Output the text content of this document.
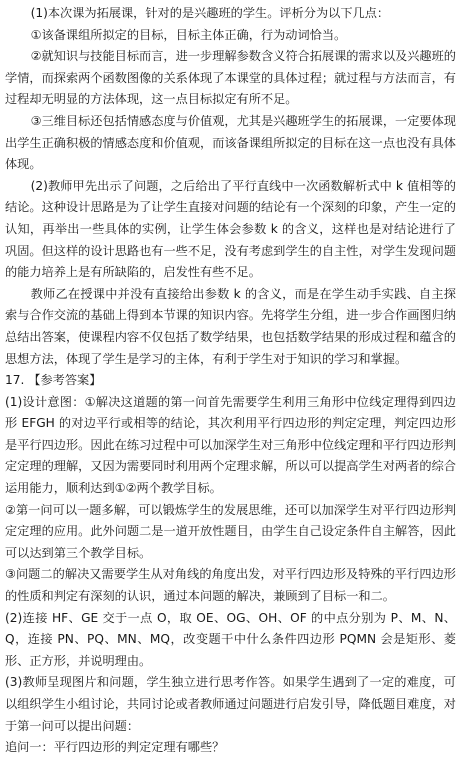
(1)本次课为拓展课，针对的是兴趣班的学生。评析分为以下几点：

①该备课组所拟定的目标，目标主体正确，行为动词恰当。

②就知识与技能目标而言，进一步理解参数含义符合拓展课的需求以及兴趣班的学情，而探索两个函数图像的关系体现了本课堂的具体过程；就过程与方法而言，有过程却无明显的方法体现，这一点目标拟定有所不足。

③三维目标还包括情感态度与价值观，尤其是兴趣班学生的拓展课，一定要体现出学生正确积极的情感态度和价值观，而该备课组所拟定的目标在这一点也没有具体体现。

(2)教师甲先出示了问题，之后给出了平行直线中一次函数解析式中 k 值相等的结论。这种设计思路是为了让学生直接对问题的结论有一个深刻的印象，产生一定的认知，再举出一些具体的实例，让学生体会参数 k 的含义，这样也是对结论进行了巩固。但这样的设计思路也有一些不足，没有考虑到学生的自主性，对学生发现问题的能力培养上是有所缺陷的，启发性有些不足。

教师乙在授课中并没有直接给出参数 k 的含义，而是在学生动手实践、自主探索与合作交流的基础上得到本节课的知识内容。先将学生分组，进一步合作画图归纳总结出答案，使课程内容不仅包括了数学结果，也包括数学结果的形成过程和蕴含的思想方法，体现了学生是学习的主体，有利于学生对于知识的学习和掌握。

17. 【参考答案】

(1)设计意图：①解决这道题的第一问首先需要学生利用三角形中位线定理得到四边形 EFGH 的对边平行或相等的结论，其次利用平行四边形的判定定理，判定四边形是平行四边形。因此在练习过程中可以加深学生对三角形中位线定理和平行四边形判定定理的理解，又因为需要同时利用两个定理求解，所以可以提高学生对两者的综合运用能力，顺利达到①②两个教学目标。

②第一问可以一题多解，可以锻炼学生的发展思维，还可以加深学生对平行四边形判定定理的应用。此外问题二是一道开放性题目，由学生自己设定条件自主解答，因此可以达到第三个教学目标。

③问题二的解决又需要学生从对角线的角度出发，对平行四边形及特殊的平行四边形的性质和判定有深刻的认识，通过本问题的解决，兼顾到了目标一和二。

(2)连接 HF、GE 交于一点 O，取 OE、OG、OH、OF 的中点分别为 P、M、N、Q，连接 PN、PQ、MN、MQ，改变题干中什么条件四边形 PQMN 会是矩形、菱形、正方形，并说明理由。

(3)教师呈现图片和问题，学生独立进行思考作答。如果学生遇到了一定的难度，可以组织学生小组讨论，共同讨论或者教师通过问题进行启发引导，降低题目难度，对于第一问可以提出问题：

追问一：平行四边形的判定定理有哪些？
